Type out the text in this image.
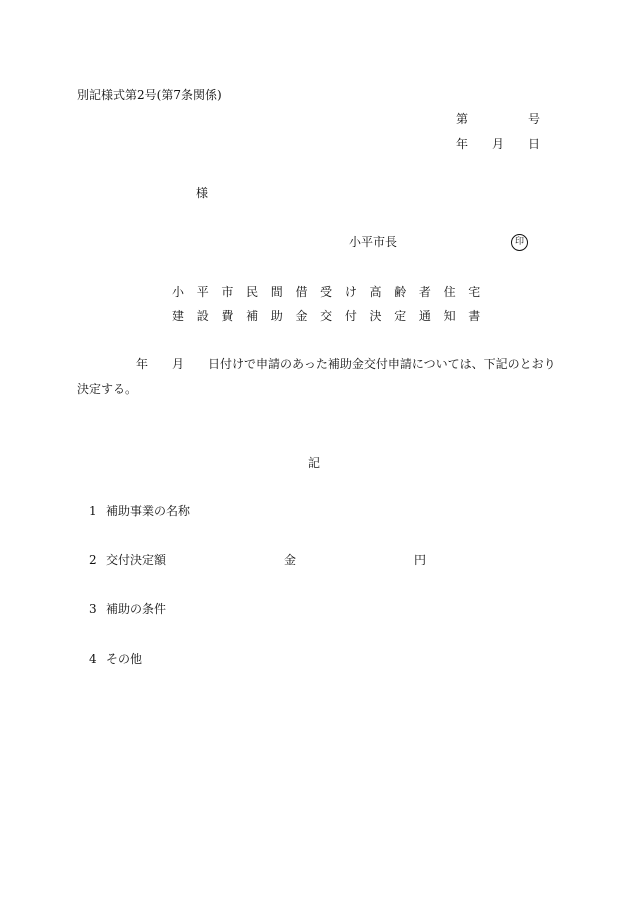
別記様式第2号(第7条関係)
第	号
年 月 日
様
小平市長	印
小 平 市 民 間 借 受 け 高 齢 者 住 宅
建 設 費 補 助 金 交 付 決 定 通 知 書
年 月 日付けで申請のあった補助金交付申請については、下記のとおり
決定する。
記
1 補助事業の名称
2 交付決定額	金	円
3 補助の条件
4 その他
